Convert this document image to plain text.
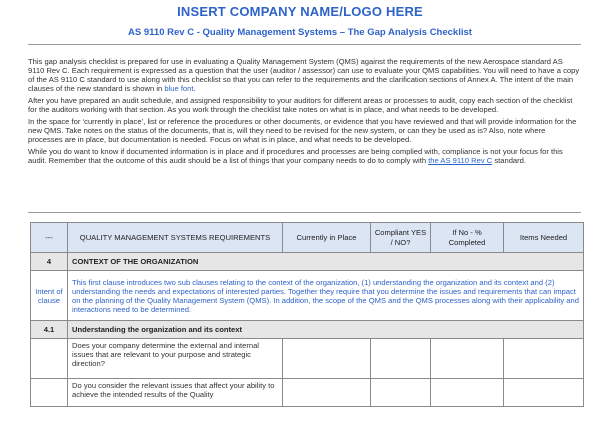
INSERT COMPANY NAME/LOGO HERE
AS 9110 Rev C - Quality Management Systems – The Gap Analysis Checklist

This gap analysis checklist is prepared for use in evaluating a Quality Management System (QMS) against the requirements of the new Aerospace standard AS 9110 Rev C. Each requirement is expressed as a question that the user (auditor / assessor) can use to evaluate your QMS capabilities. You will need to have a copy of the AS 9110 C standard to use along with this checklist so that you can refer to the requirements and the clarification sections of Annex A. The intent of the main clauses of the new standard is shown in blue font.

After you have prepared an audit schedule, and assigned responsibility to your auditors for different areas or processes to audit, copy each section of the checklist for the auditors working with that section. As you work through the checklist take notes on what is in place, and what needs to be developed.

In the space for ‘currently in place’, list or reference the procedures or other documents, or evidence that you have reviewed and that will provide information for the new QMS. Take notes on the status of the documents, that is, will they need to be revised for the new system, or can they be used as is? Also, note where processes are in place, but documentation is needed. Focus on what is in place, and what needs to be developed.

While you do want to know if documented information is in place and if procedures and processes are being complied with, compliance is not your focus for this audit. Remember that the outcome of this audit should be a list of things that your company needs to do to comply with the AS 9110 Rev C standard.

---	QUALITY MANAGEMENT SYSTEMS REQUIREMENTS	Currently in Place	Compliant YES / NO?	If No - % Completed	Items Needed
4	CONTEXT OF THE ORGANIZATION				
Intent of clause	This first clause introduces two sub clauses relating to the context of the organization, (1) understanding the organization and its context and (2) understanding the needs and expectations of interested parties. Together they require that you determine the issues and requirements that can impact on the planning of the Quality Management System (QMS). In addition, the scope of the QMS and the QMS processes along with their applicability and interactions need to be determined.				
4.1	Understanding the organization and its context				
	Does your company determine the external and internal issues that are relevant to your purpose and strategic direction?				
	Do you consider the relevant issues that affect your ability to achieve the intended results of the Quality				
